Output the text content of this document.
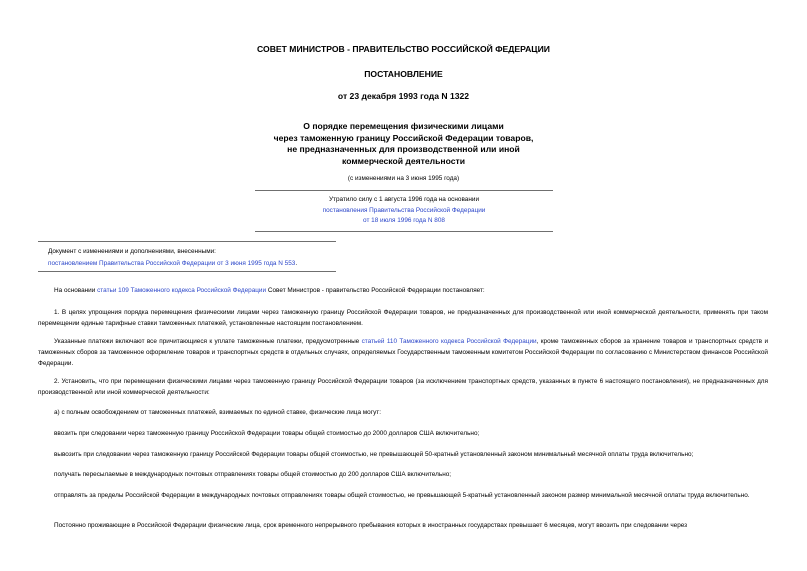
СОВЕТ МИНИСТРОВ - ПРАВИТЕЛЬСТВО РОССИЙСКОЙ ФЕДЕРАЦИИ
ПОСТАНОВЛЕНИЕ
от 23 декабря 1993 года N 1322
О порядке перемещения физическими лицами
через таможенную границу Российской Федерации товаров,
не предназначенных для производственной или иной
коммерческой деятельности
(с изменениями на 3 июня 1995 года)
Утратило силу с 1 августа 1996 года на основании
постановления Правительства Российской Федерации
от 18 июля 1996 года N 808
Документ с изменениями и дополнениями, внесенными:
постановлением Правительства Российской Федерации от 3 июня 1995 года N 553.
На основании статьи 109 Таможенного кодекса Российской Федерации Совет Министров - правительство Российской Федерации постановляет:
1. В целях упрощения порядка перемещения физическими лицами через таможенную границу Российской Федерации товаров, не предназначенных для производственной или иной коммерческой деятельности, применять при таком перемещении единые тарифные ставки таможенных платежей, установленные настоящим постановлением.
Указанные платежи включают все причитающиеся к уплате таможенные платежи, предусмотренные статьей 110 Таможенного кодекса Российской Федерации, кроме таможенных сборов за хранение товаров и транспортных средств и таможенных сборов за таможенное оформление товаров и транспортных средств в отдельных случаях, определяемых Государственным таможенным комитетом Российской Федерации по согласованию с Министерством финансов Российской Федерации.
2. Установить, что при перемещении физическими лицами через таможенную границу Российской Федерации товаров (за исключением транспортных средств, указанных в пункте 6 настоящего постановления), не предназначенных для производственной или иной коммерческой деятельности:
а) с полным освобождением от таможенных платежей, взимаемых по единой ставке, физические лица могут:
ввозить при следовании через таможенную границу Российской Федерации товары общей стоимостью до 2000 долларов США включительно;
вывозить при следовании через таможенную границу Российской Федерации товары общей стоимостью, не превышающей 50-кратный установленный законом минимальный месячной оплаты труда включительно;
получать пересылаемые в международных почтовых отправлениях товары общей стоимостью до 200 долларов США включительно;
отправлять за пределы Российской Федерации в международных почтовых отправлениях товары общей стоимостью, не превышающей 5-кратный установленный законом размер минимальной месячной оплаты труда включительно.
Постоянно проживающие в Российской Федерации физические лица, срок временного непрерывного пребывания которых в иностранных государствах превышает 6 месяцев, могут ввозить при следовании через
